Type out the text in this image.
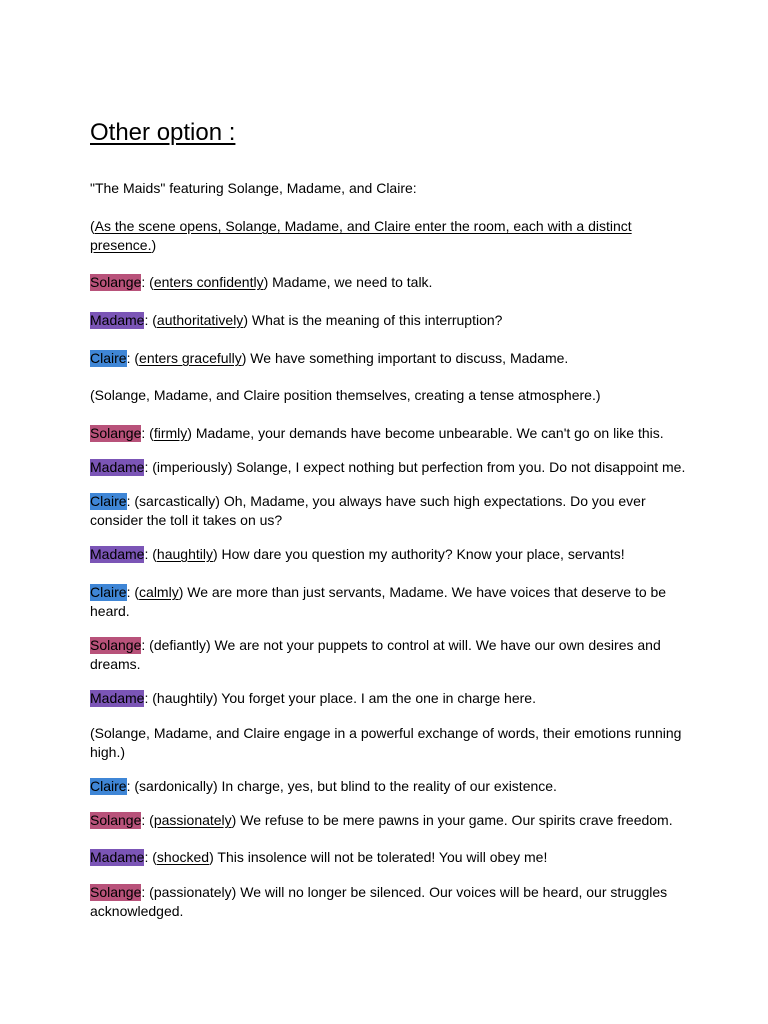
Other option :

"The Maids" featuring Solange, Madame, and Claire:

(As the scene opens, Solange, Madame, and Claire enter the room, each with a distinct presence.)

Solange: (enters confidently) Madame, we need to talk.

Madame: (authoritatively) What is the meaning of this interruption?

Claire: (enters gracefully) We have something important to discuss, Madame.

(Solange, Madame, and Claire position themselves, creating a tense atmosphere.)

Solange: (firmly) Madame, your demands have become unbearable. We can't go on like this.

Madame: (imperiously) Solange, I expect nothing but perfection from you. Do not disappoint me.

Claire: (sarcastically) Oh, Madame, you always have such high expectations. Do you ever consider the toll it takes on us?

Madame: (haughtily) How dare you question my authority? Know your place, servants!

Claire: (calmly) We are more than just servants, Madame. We have voices that deserve to be heard.

Solange: (defiantly) We are not your puppets to control at will. We have our own desires and dreams.

Madame: (haughtily) You forget your place. I am the one in charge here.

(Solange, Madame, and Claire engage in a powerful exchange of words, their emotions running high.)

Claire: (sardonically) In charge, yes, but blind to the reality of our existence.

Solange: (passionately) We refuse to be mere pawns in your game. Our spirits crave freedom.

Madame: (shocked) This insolence will not be tolerated! You will obey me!

Solange: (passionately) We will no longer be silenced. Our voices will be heard, our struggles acknowledged.
